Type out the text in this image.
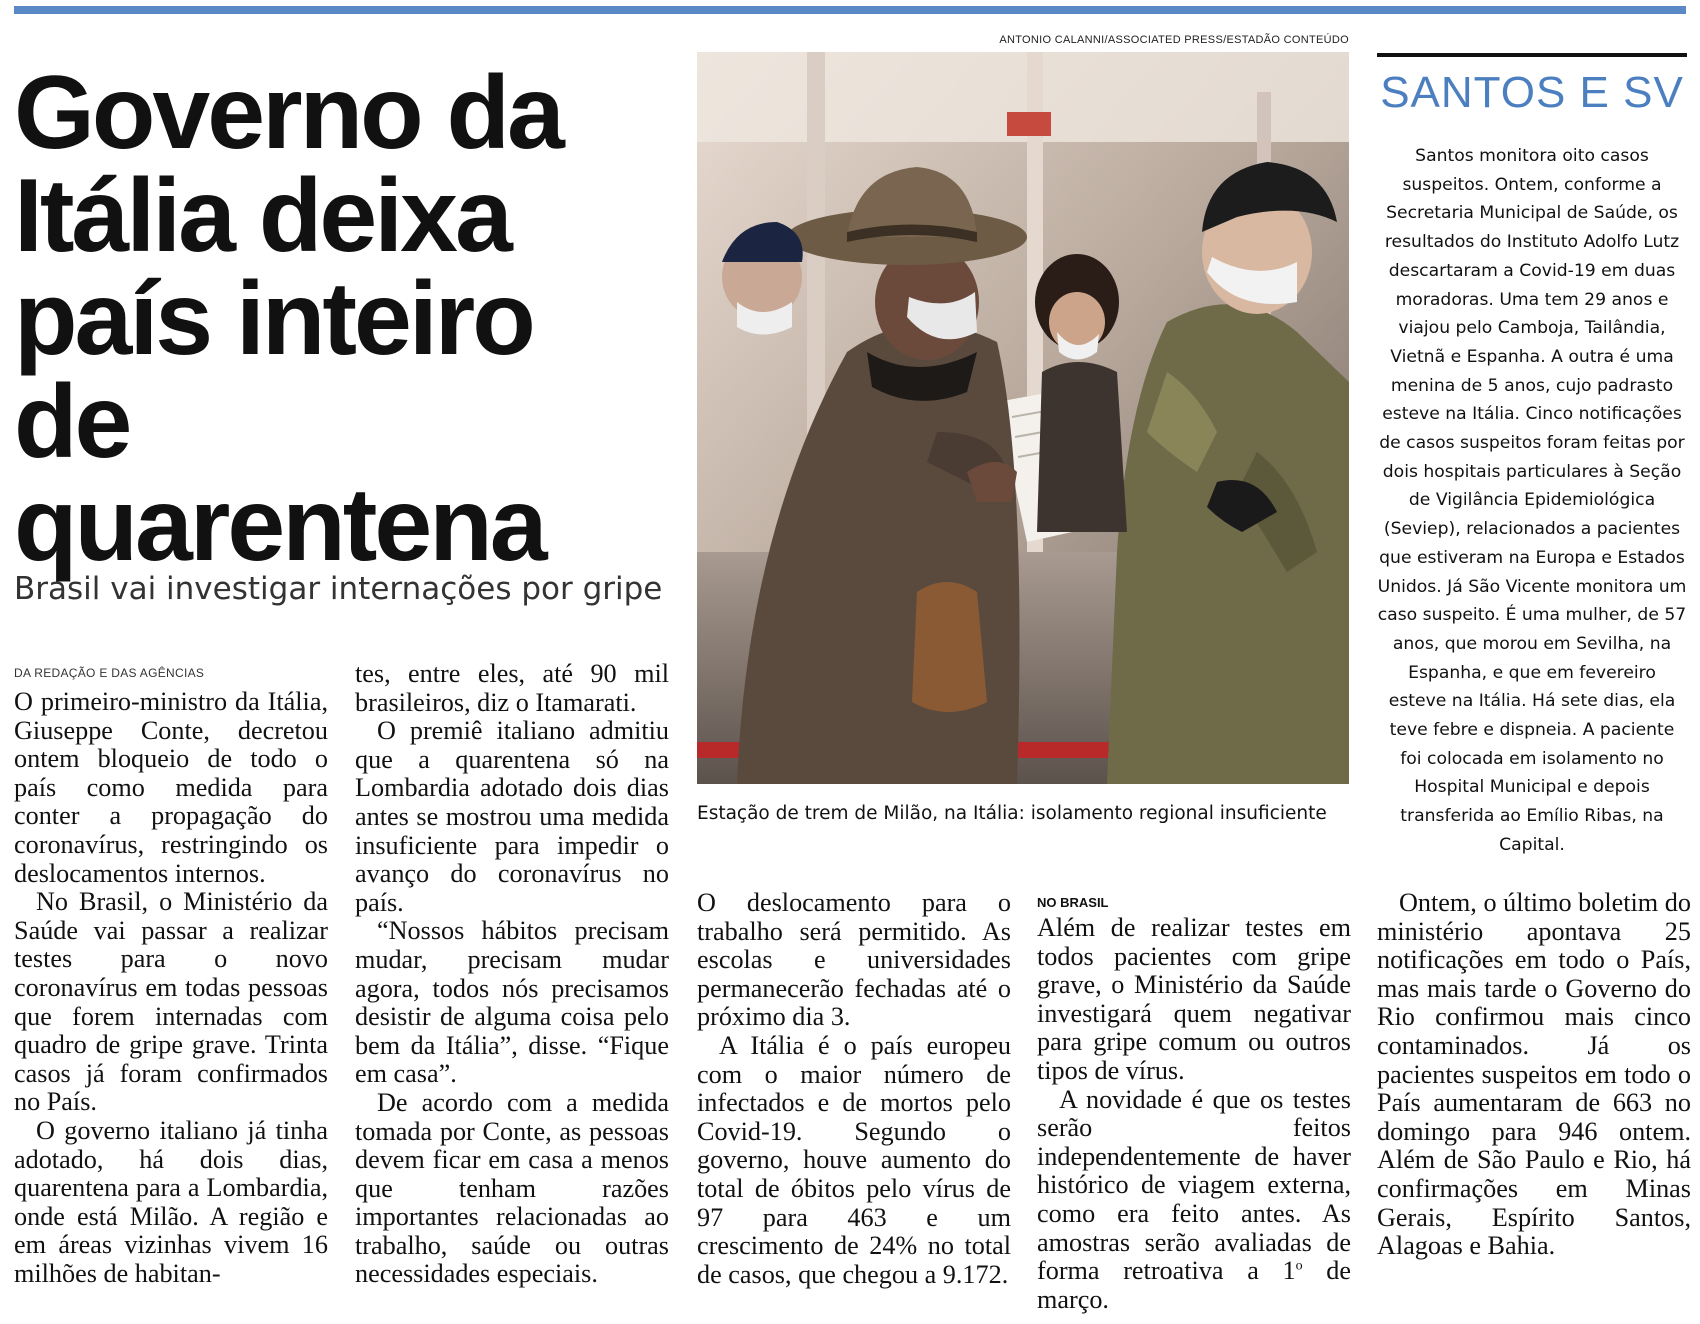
Governo da Itália deixa país inteiro de quarentena
Brasil vai investigar internações por gripe
ANTONIO CALANNI/ASSOCIATED PRESS/ESTADÃO CONTEÚDO
Estação de trem de Milão, na Itália: isolamento regional insuficiente
SANTOS E SV

Santos monitora oito casos suspeitos. Ontem, conforme a Secretaria Municipal de Saúde, os resultados do Instituto Adolfo Lutz descartaram a Covid-19 em duas moradoras. Uma tem 29 anos e viajou pelo Camboja, Tailândia, Vietnã e Espanha. A outra é uma menina de 5 anos, cujo padrasto esteve na Itália. Cinco notificações de casos suspeitos foram feitas por dois hospitais particulares à Seção de Vigilância Epidemiológica (Seviep), relacionados a pacientes que estiveram na Europa e Estados Unidos. Já São Vicente monitora um caso suspeito. É uma mulher, de 57 anos, que morou em Sevilha, na Espanha, e que em fevereiro esteve na Itália. Há sete dias, ela teve febre e dispneia. A paciente foi colocada em isolamento no Hospital Municipal e depois transferida ao Emílio Ribas, na Capital.

DA REDAÇÃO E DAS AGÊNCIAS

O primeiro-ministro da Itália, Giuseppe Conte, decretou ontem bloqueio de todo o país como medida para conter a propagação do coronavírus, restringindo os deslocamentos internos.

No Brasil, o Ministério da Saúde vai passar a realizar testes para o novo coronavírus em todas pessoas que forem internadas com quadro de gripe grave. Trinta casos já foram confirmados no País.

O governo italiano já tinha adotado, há dois dias, quarentena para a Lombardia, onde está Milão. A região e em áreas vizinhas vivem 16 milhões de habitan-

tes, entre eles, até 90 mil brasileiros, diz o Itamarati.

O premiê italiano admitiu que a quarentena só na Lombardia adotado dois dias antes se mostrou uma medida insuficiente para impedir o avanço do coronavírus no país.

“Nossos hábitos precisam mudar, precisam mudar agora, todos nós precisamos desistir de alguma coisa pelo bem da Itália”, disse. “Fique em casa”.

De acordo com a medida tomada por Conte, as pessoas devem ficar em casa a menos que tenham razões importantes relacionadas ao trabalho, saúde ou outras necessidades especiais.

O deslocamento para o trabalho será permitido. As escolas e universidades permanecerão fechadas até o próximo dia 3.

A Itália é o país europeu com o maior número de infectados e de mortos pelo Covid-19. Segundo o governo, houve aumento do total de óbitos pelo vírus de 97 para 463 e um crescimento de 24% no total de casos, que chegou a 9.172.

NO BRASIL

Além de realizar testes em todos pacientes com gripe grave, o Ministério da Saúde investigará quem negativar para gripe comum ou outros tipos de vírus.

A novidade é que os testes serão feitos independentemente de haver histórico de viagem externa, como era feito antes. As amostras serão avaliadas de forma retroativa a 1$^o$ de março.

Ontem, o último boletim do ministério apontava 25 notificações em todo o País, mas mais tarde o Governo do Rio confirmou mais cinco contaminados. Já os pacientes suspeitos em todo o País aumentaram de 663 no domingo para 946 ontem. Além de São Paulo e Rio, há confirmações em Minas Gerais, Espírito Santos, Alagoas e Bahia.
